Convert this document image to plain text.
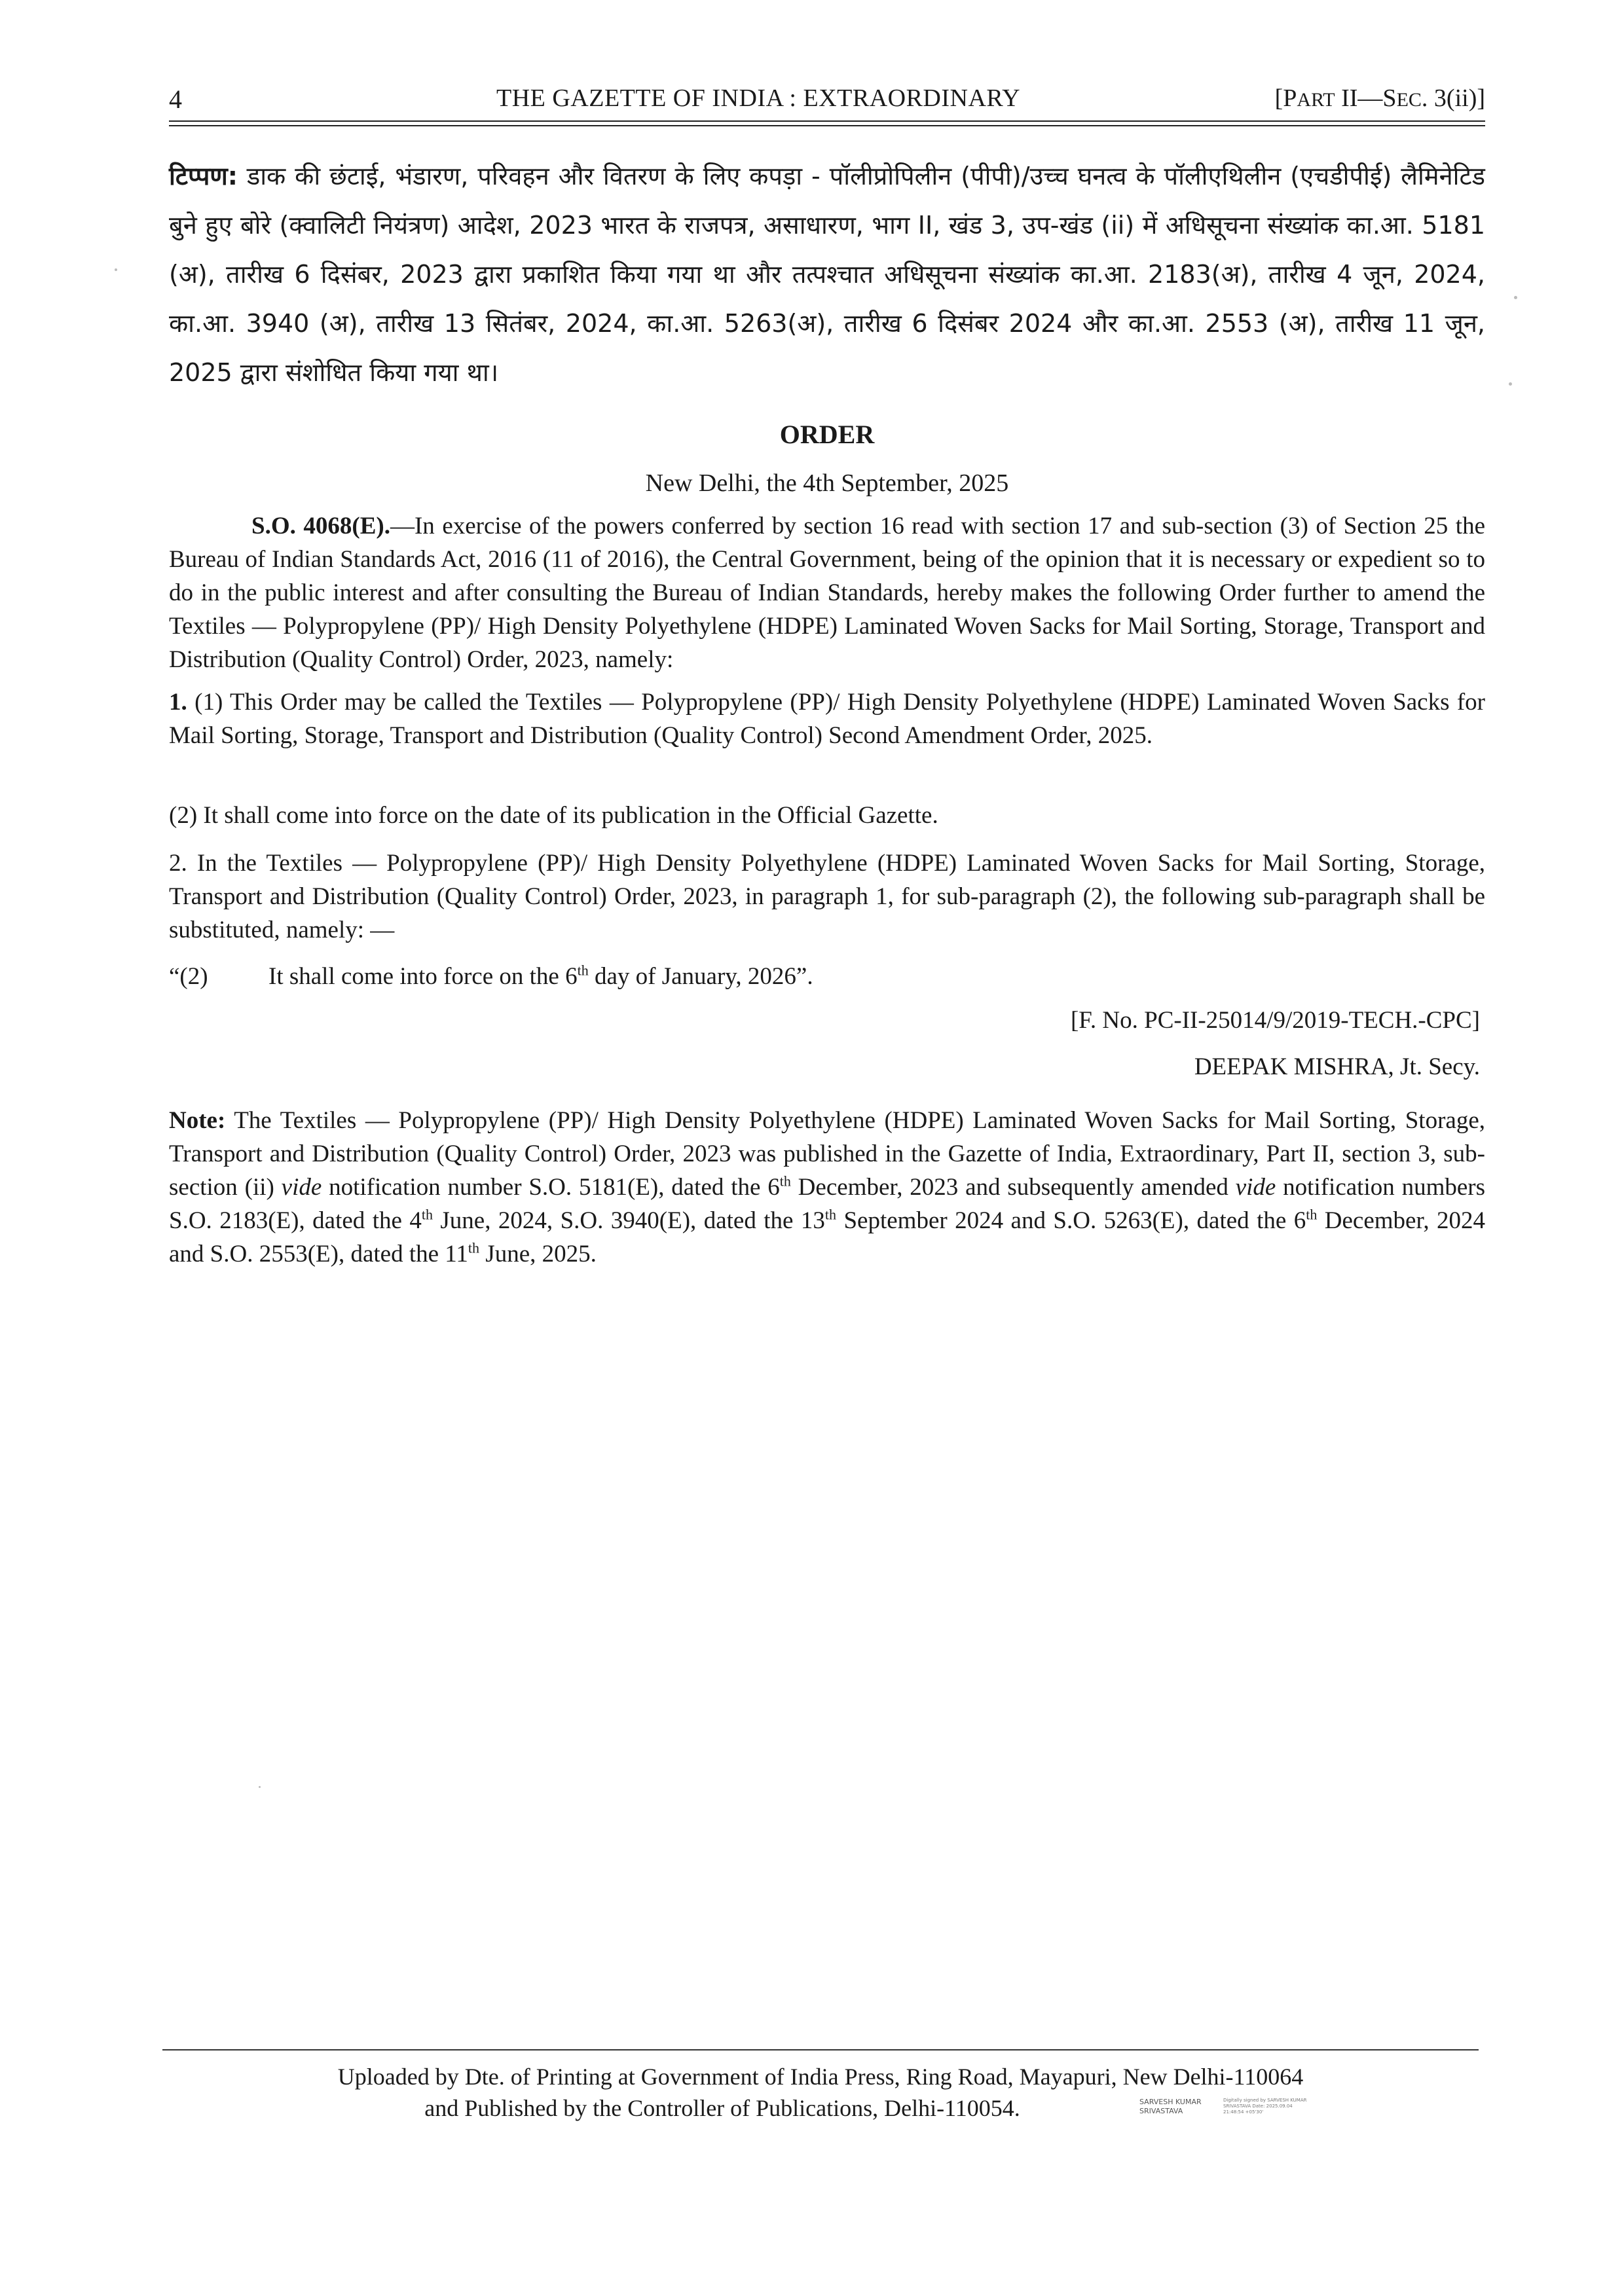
4	THE GAZETTE OF INDIA : EXTRAORDINARY	[PART II—SEC. 3(ii)]
टिप्पण: डाक की छंटाई, भंडारण, परिवहन और वितरण के लिए कपड़ा - पॉलीप्रोपिलीन (पीपी)/उच्च घनत्व के पॉलीएथिलीन (एचडीपीई) लैमिनेटिड बुने हुए बोरे (क्वालिटी नियंत्रण) आदेश, 2023 भारत के राजपत्र, असाधारण, भाग II, खंड 3, उप-खंड (ii) में अधिसूचना संख्यांक का.आ. 5181 (अ), तारीख 6 दिसंबर, 2023 द्वारा प्रकाशित किया गया था और तत्पश्चात अधिसूचना संख्यांक का.आ. 2183(अ), तारीख 4 जून, 2024, का.आ. 3940 (अ), तारीख 13 सितंबर, 2024, का.आ. 5263(अ), तारीख 6 दिसंबर 2024 और का.आ. 2553 (अ), तारीख 11 जून, 2025 द्वारा संशोधित किया गया था।
ORDER
New Delhi, the 4th September, 2025
S.O. 4068(E).—In exercise of the powers conferred by section 16 read with section 17 and sub-section (3) of Section 25 the Bureau of Indian Standards Act, 2016 (11 of 2016), the Central Government, being of the opinion that it is necessary or expedient so to do in the public interest and after consulting the Bureau of Indian Standards, hereby makes the following Order further to amend the Textiles — Polypropylene (PP)/ High Density Polyethylene (HDPE) Laminated Woven Sacks for Mail Sorting, Storage, Transport and Distribution (Quality Control) Order, 2023, namely:
1. (1) This Order may be called the Textiles — Polypropylene (PP)/ High Density Polyethylene (HDPE) Laminated Woven Sacks for Mail Sorting, Storage, Transport and Distribution (Quality Control) Second Amendment Order, 2025.
(2) It shall come into force on the date of its publication in the Official Gazette.
2. In the Textiles — Polypropylene (PP)/ High Density Polyethylene (HDPE) Laminated Woven Sacks for Mail Sorting, Storage, Transport and Distribution (Quality Control) Order, 2023, in paragraph 1, for sub-paragraph (2), the following sub-paragraph shall be substituted, namely: —
“(2) It shall come into force on the 6th day of January, 2026”.
[F. No. PC-II-25014/9/2019-TECH.-CPC]
DEEPAK MISHRA, Jt. Secy.
Note: The Textiles — Polypropylene (PP)/ High Density Polyethylene (HDPE) Laminated Woven Sacks for Mail Sorting, Storage, Transport and Distribution (Quality Control) Order, 2023 was published in the Gazette of India, Extraordinary, Part II, section 3, sub-section (ii) vide notification number S.O. 5181(E), dated the 6th December, 2023 and subsequently amended vide notification numbers S.O. 2183(E), dated the 4th June, 2024, S.O. 3940(E), dated the 13th September 2024 and S.O. 5263(E), dated the 6th December, 2024 and S.O. 2553(E), dated the 11th June, 2025.
Uploaded by Dte. of Printing at Government of India Press, Ring Road, Mayapuri, New Delhi-110064
and Published by the Controller of Publications, Delhi-110054.	SARVESH KUMAR SRIVASTAVA
Digitally signed by SARVESH KUMAR SRIVASTAVA Date: 2025.09.04 21:48:54 +05'30'
